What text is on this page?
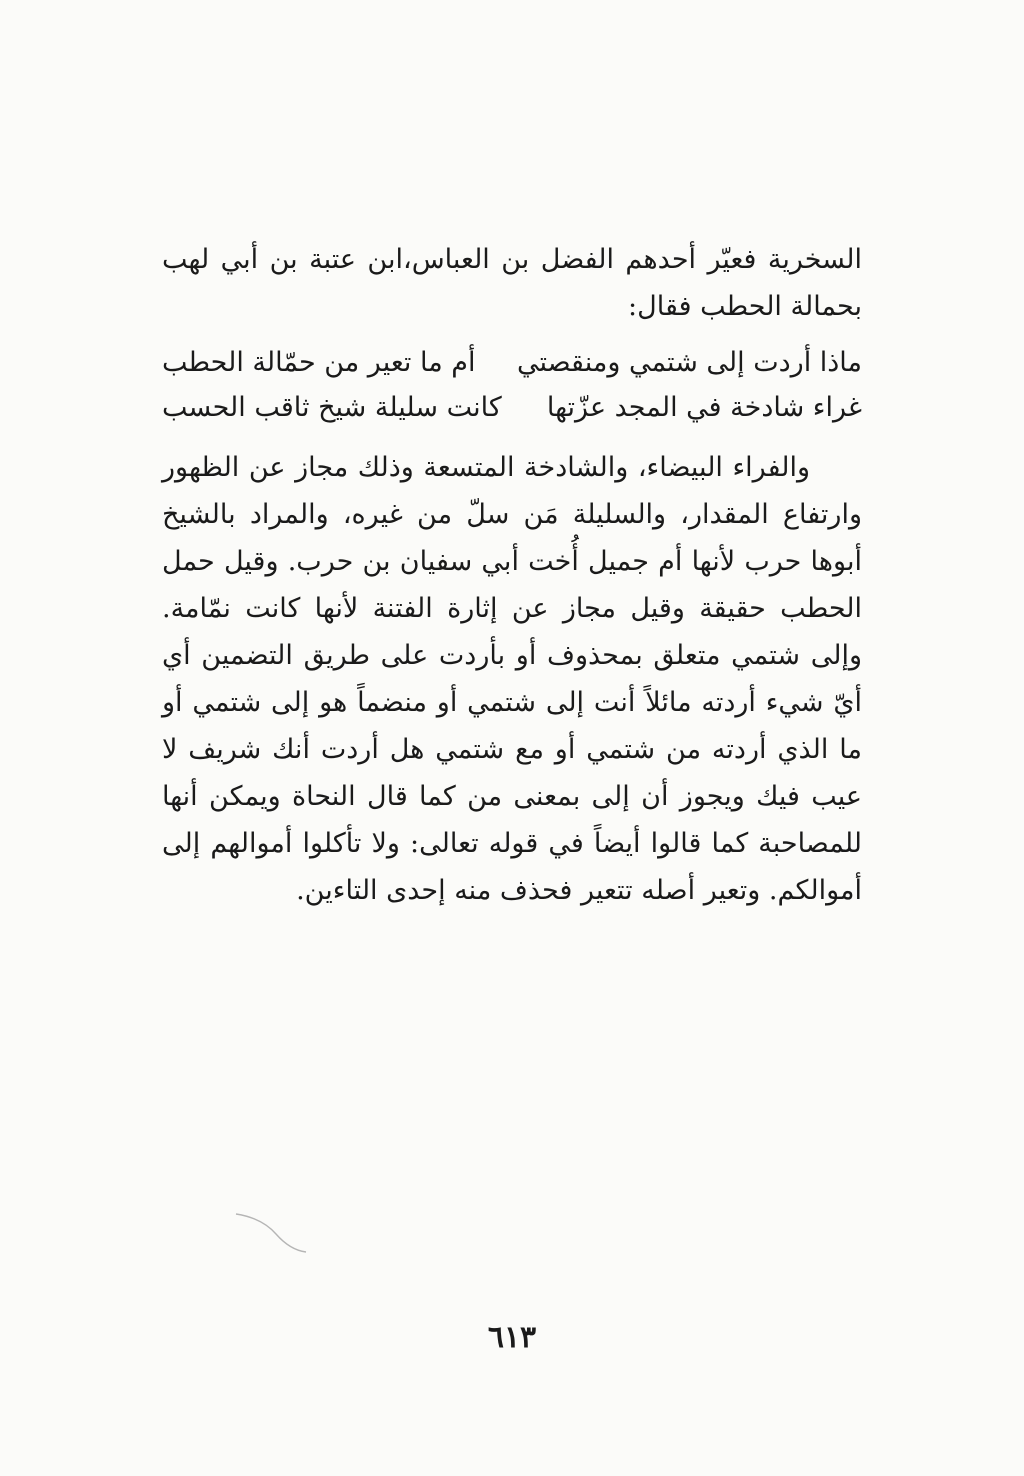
السخرية فعيّر أحدهم الفضل بن العباس،ابن عتبة بن أبي لهب بحمالة الحطب فقال:

ماذا أردت إلى شتمي ومنقصتي
أم ما تعير من حمّالة الحطب
غراء شادخة في المجد عزّتها
كانت سليلة شيخ ثاقب الحسب

والفراء البيضاء، والشادخة المتسعة وذلك مجاز عن الظهور وارتفاع المقدار، والسليلة مَن سلّ من غيره، والمراد بالشيخ أبوها حرب لأنها أم جميل أُخت أبي سفيان بن حرب. وقيل حمل الحطب حقيقة وقيل مجاز عن إثارة الفتنة لأنها كانت نمّامة. وإلى شتمي متعلق بمحذوف أو بأردت على طريق التضمين أي أيّ شيء أردته مائلاً أنت إلى شتمي أو منضماً هو إلى شتمي أو ما الذي أردته من شتمي أو مع شتمي هل أردت أنك شريف لا عيب فيك ويجوز أن إلى بمعنى من كما قال النحاة ويمكن أنها للمصاحبة كما قالوا أيضاً في قوله تعالى: ولا تأكلوا أموالهم إلى أموالكم. وتعير أصله تتعير فحذف منه إحدى التاءين.

٦١٣
